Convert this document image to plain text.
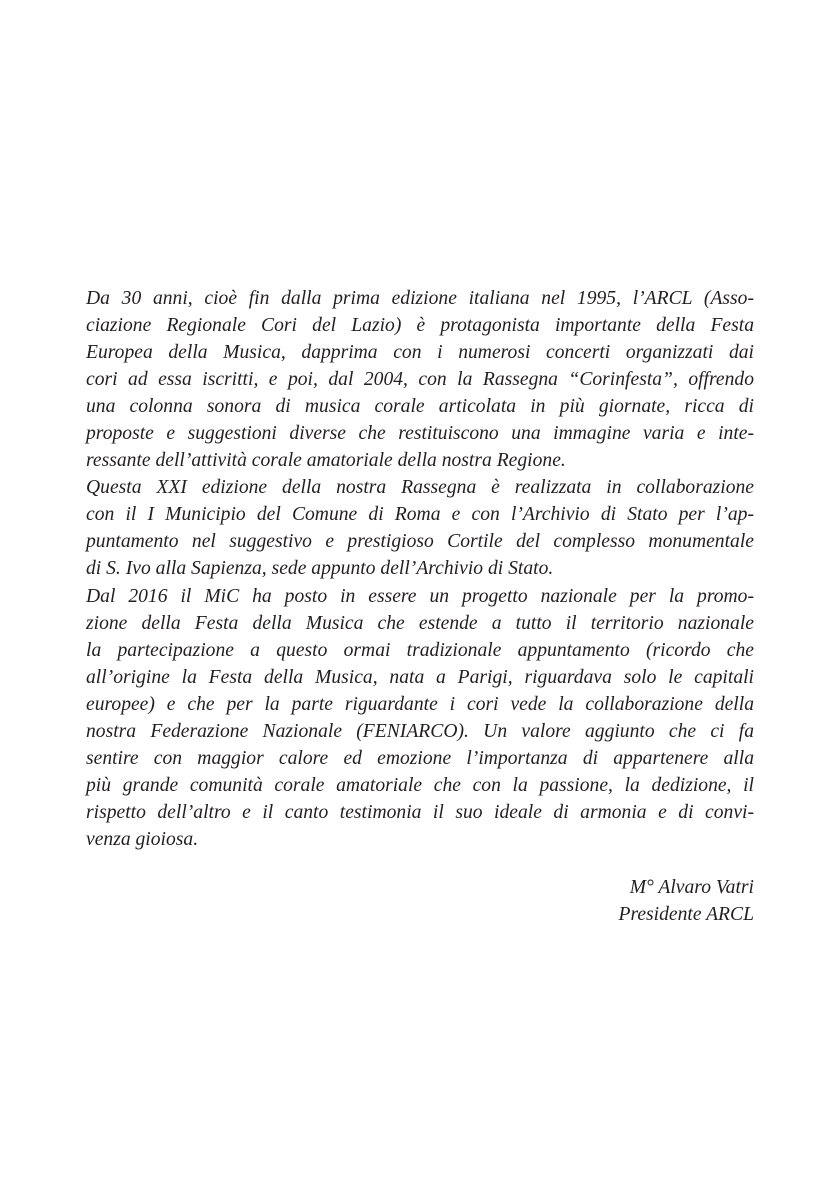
Da 30 anni, cioè fin dalla prima edizione italiana nel 1995, l’ARCL (Asso-
ciazione Regionale Cori del Lazio) è protagonista importante della Festa
Europea della Musica, dapprima con i numerosi concerti organizzati dai
cori ad essa iscritti, e poi, dal 2004, con la Rassegna “Corinfesta”, offrendo
una colonna sonora di musica corale articolata in più giornate, ricca di
proposte e suggestioni diverse che restituiscono una immagine varia e inte-
ressante dell’attività corale amatoriale della nostra Regione.
Questa XXI edizione della nostra Rassegna è realizzata in collaborazione
con il I Municipio del Comune di Roma e con l’Archivio di Stato per l’ap-
puntamento nel suggestivo e prestigioso Cortile del complesso monumentale
di S. Ivo alla Sapienza, sede appunto dell’Archivio di Stato.
Dal 2016 il MiC ha posto in essere un progetto nazionale per la promo-
zione della Festa della Musica che estende a tutto il territorio nazionale
la partecipazione a questo ormai tradizionale appuntamento (ricordo che
all’origine la Festa della Musica, nata a Parigi, riguardava solo le capitali
europee) e che per la parte riguardante i cori vede la collaborazione della
nostra Federazione Nazionale (FENIARCO). Un valore aggiunto che ci fa
sentire con maggior calore ed emozione l’importanza di appartenere alla
più grande comunità corale amatoriale che con la passione, la dedizione, il
rispetto dell’altro e il canto testimonia il suo ideale di armonia e di convi-
venza gioiosa.
M° Alvaro Vatri
Presidente ARCL
